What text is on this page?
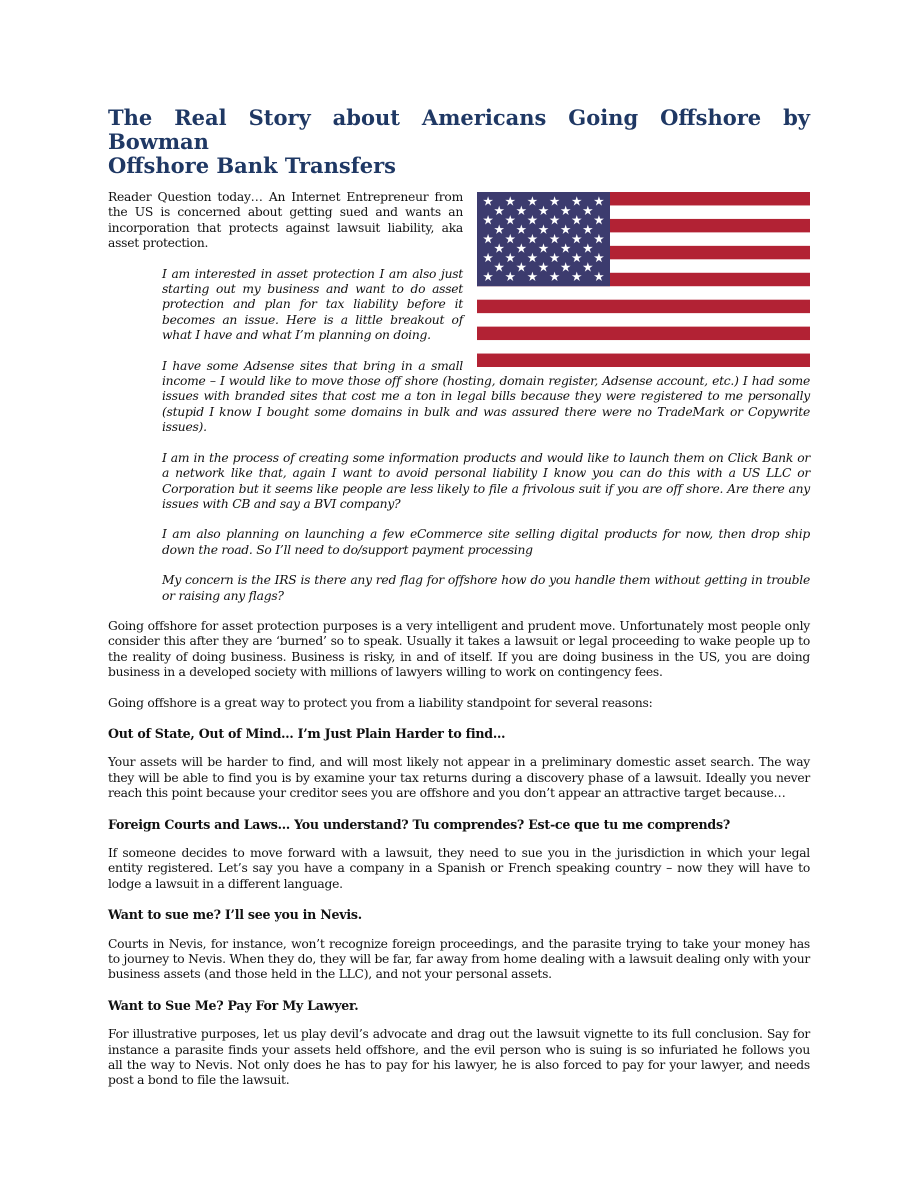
The Real Story about Americans Going Offshore by Bowman
Offshore Bank Transfers

Reader Question today… An Internet Entrepreneur from the US is concerned about getting sued and wants an incorporation that protects against lawsuit liability, aka asset protection.

I am interested in asset protection I am also just starting out my business and want to do asset protection and plan for tax liability before it becomes an issue. Here is a little breakout of what I have and what I’m planning on doing.

I have some Adsense sites that bring in a small income – I would like to move those off shore (hosting, domain register, Adsense account, etc.) I had some issues with branded sites that cost me a ton in legal bills because they were registered to me personally (stupid I know I bought some domains in bulk and was assured there were no TradeMark or Copywrite issues).

I am in the process of creating some information products and would like to launch them on Click Bank or a network like that, again I want to avoid personal liability I know you can do this with a US LLC or Corporation but it seems like people are less likely to file a frivolous suit if you are off shore. Are there any issues with CB and say a BVI company?

I am also planning on launching a few eCommerce site selling digital products for now, then drop ship down the road. So I’ll need to do/support payment processing

My concern is the IRS is there any red flag for offshore how do you handle them without getting in trouble or raising any flags?

Going offshore for asset protection purposes is a very intelligent and prudent move. Unfortunately most people only consider this after they are ‘burned’ so to speak. Usually it takes a lawsuit or legal proceeding to wake people up to the reality of doing business. Business is risky, in and of itself. If you are doing business in the US, you are doing business in a developed society with millions of lawyers willing to work on contingency fees.

Going offshore is a great way to protect you from a liability standpoint for several reasons:

Out of State, Out of Mind… I’m Just Plain Harder to find…

Your assets will be harder to find, and will most likely not appear in a preliminary domestic asset search. The way they will be able to find you is by examine your tax returns during a discovery phase of a lawsuit. Ideally you never reach this point because your creditor sees you are offshore and you don’t appear an attractive target because…

Foreign Courts and Laws… You understand? Tu comprendes? Est-ce que tu me comprends?

If someone decides to move forward with a lawsuit, they need to sue you in the jurisdiction in which your legal entity registered. Let’s say you have a company in a Spanish or French speaking country – now they will have to lodge a lawsuit in a different language.

Want to sue me? I’ll see you in Nevis.

Courts in Nevis, for instance, won’t recognize foreign proceedings, and the parasite trying to take your money has to journey to Nevis. When they do, they will be far, far away from home dealing with a lawsuit dealing only with your business assets (and those held in the LLC), and not your personal assets.

Want to Sue Me? Pay For My Lawyer.

For illustrative purposes, let us play devil’s advocate and drag out the lawsuit vignette to its full conclusion. Say for instance a parasite finds your assets held offshore, and the evil person who is suing is so infuriated he follows you all the way to Nevis. Not only does he has to pay for his lawyer, he is also forced to pay for your lawyer, and needs post a bond to file the lawsuit.
